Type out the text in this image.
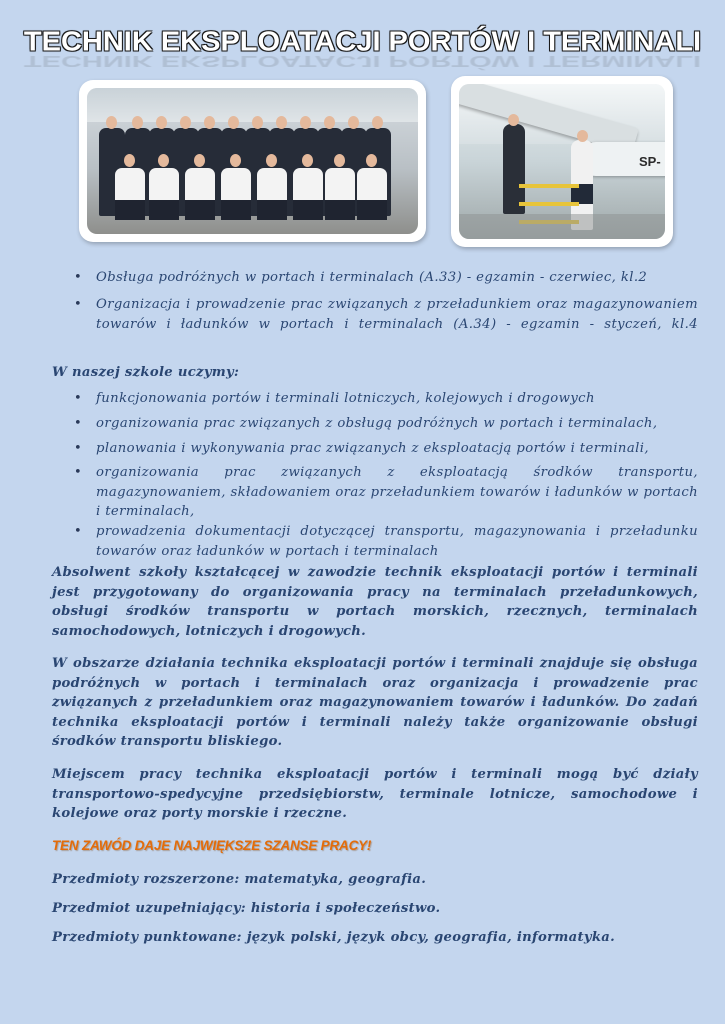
TECHNIK EKSPLOATACJI PORTÓW I TERMINALI
TECHNIK EKSPLOATACJI PORTÓW I TERMINALI
SP-
• Obsługa podróżnych w portach i terminalach (A.33) - egzamin - czerwiec, kl.2
• Organizacja i prowadzenie prac związanych z przeładunkiem oraz magazynowaniem towarów i ładunków w portach i terminalach (A.34) - egzamin - styczeń, kl.4
W naszej szkole uczymy:
• funkcjonowania portów i terminali lotniczych, kolejowych i drogowych
• organizowania prac związanych z obsługą podróżnych w portach i terminalach,
• planowania i wykonywania prac związanych z eksploatacją portów i terminali,
• organizowania prac związanych z eksploatacją środków transportu, magazynowaniem, składowaniem oraz przeładunkiem towarów i ładunków w portach i terminalach,
• prowadzenia dokumentacji dotyczącej transportu, magazynowania i przeładunku towarów oraz ładunków w portach i terminalach
Absolwent szkoły kształcącej w zawodzie technik eksploatacji portów i terminali jest przygotowany do organizowania pracy na terminalach przeładunkowych, obsługi środków transportu w portach morskich, rzecznych, terminalach samochodowych, lotniczych i drogowych.
W obszarze działania technika eksploatacji portów i terminali znajduje się obsługa podróżnych w portach i terminalach oraz organizacja i prowadzenie prac związanych z przeładunkiem oraz magazynowaniem towarów i ładunków. Do zadań technika eksploatacji portów i terminali należy także organizowanie obsługi środków transportu bliskiego.
Miejscem pracy technika eksploatacji portów i terminali mogą być działy transportowo-spedycyjne przedsiębiorstw, terminale lotnicze, samochodowe i kolejowe oraz porty morskie i rzeczne.
TEN ZAWÓD DAJE NAJWIĘKSZE SZANSE PRACY!
Przedmioty rozszerzone: matematyka, geografia.
Przedmiot uzupełniający: historia i społeczeństwo.
Przedmioty punktowane: język polski, język obcy, geografia, informatyka.
